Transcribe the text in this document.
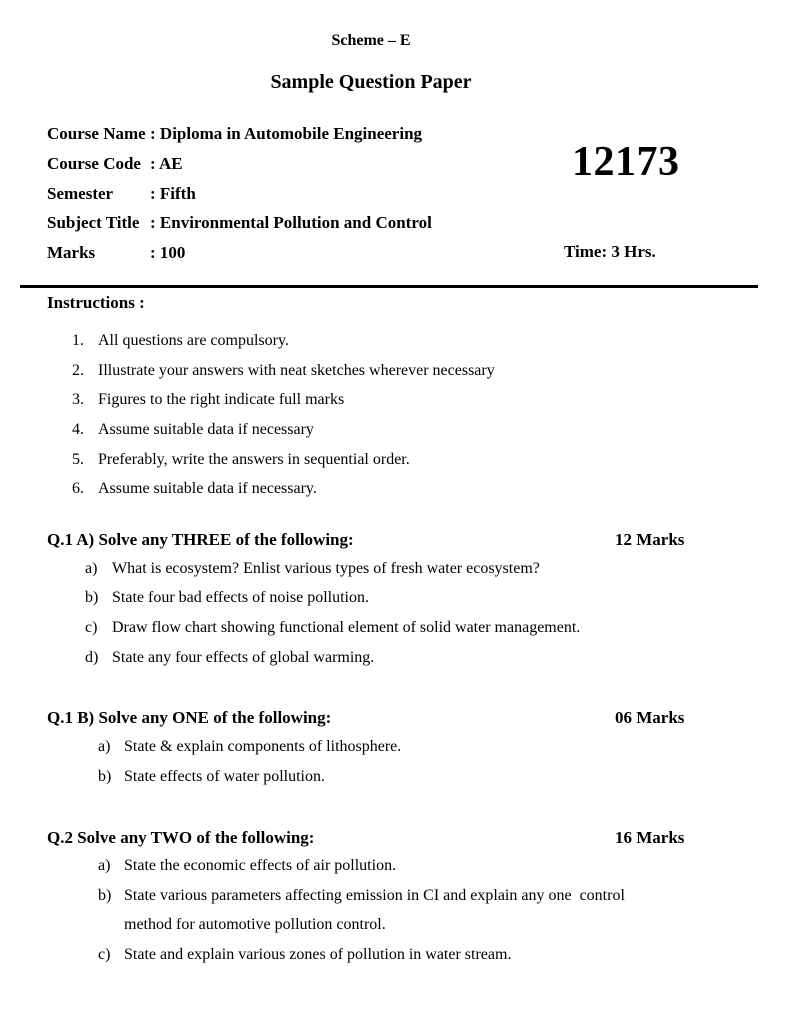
Scheme – E
Sample Question Paper
Course Name : Diploma in Automobile Engineering
Course Code : AE
Semester : Fifth
Subject Title : Environmental Pollution and Control
Marks	: 100
12173
Time: 3 Hrs.
Instructions :
1. All questions are compulsory.
2. Illustrate your answers with neat sketches wherever necessary
3. Figures to the right indicate full marks
4. Assume suitable data if necessary
5. Preferably, write the answers in sequential order.
6. Assume suitable data if necessary.
Q.1 A) Solve any THREE of the following:	12 Marks
a) What is ecosystem? Enlist various types of fresh water ecosystem?
b) State four bad effects of noise pollution.
c) Draw flow chart showing functional element of solid water management.
d) State any four effects of global warming.
Q.1 B) Solve any ONE of the following:	06 Marks
a) State & explain components of lithosphere.
b) State effects of water pollution.
Q.2 Solve any TWO of the following:	16 Marks
a) State the economic effects of air pollution.
b) State various parameters affecting emission in CI and explain any one  control
method for automotive pollution control.
c) State and explain various zones of pollution in water stream.
